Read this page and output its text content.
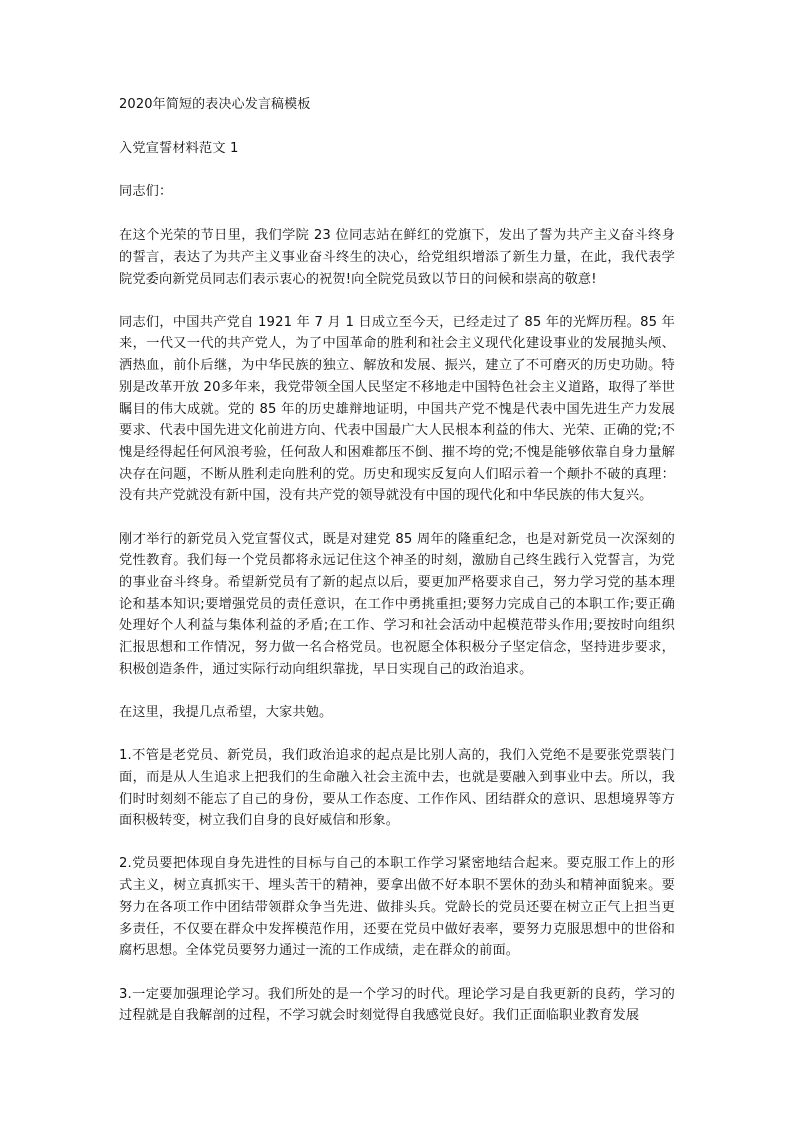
2020年简短的表决心发言稿模板
入党宣誓材料范文 1
同志们：
在这个光荣的节日里，我们学院 23 位同志站在鲜红的党旗下，发出了誓为共产主义奋斗终身的誓言，表达了为共产主义事业奋斗终生的决心，给党组织增添了新生力量，在此，我代表学院党委向新党员同志们表示衷心的祝贺!向全院党员致以节日的问候和崇高的敬意!
同志们，中国共产党自 1921 年 7 月 1 日成立至今天，已经走过了 85 年的光辉历程。85 年来，一代又一代的共产党人，为了中国革命的胜利和社会主义现代化建设事业的发展抛头颅、洒热血，前仆后继，为中华民族的独立、解放和发展、振兴，建立了不可磨灭的历史功勋。特别是改革开放 20多年来，我党带领全国人民坚定不移地走中国特色社会主义道路，取得了举世瞩目的伟大成就。党的 85 年的历史雄辩地证明，中国共产党不愧是代表中国先进生产力发展要求、代表中国先进文化前进方向、代表中国最广大人民根本利益的伟大、光荣、正确的党;不愧是经得起任何风浪考验，任何敌人和困难都压不倒、摧不垮的党;不愧是能够依靠自身力量解决存在问题，不断从胜利走向胜利的党。历史和现实反复向人们昭示着一个颠扑不破的真理：没有共产党就没有新中国，没有共产党的领导就没有中国的现代化和中华民族的伟大复兴。
刚才举行的新党员入党宣誓仪式，既是对建党 85 周年的隆重纪念，也是对新党员一次深刻的党性教育。我们每一个党员都将永远记住这个神圣的时刻，激励自己终生践行入党誓言，为党的事业奋斗终身。希望新党员有了新的起点以后，要更加严格要求自己，努力学习党的基本理论和基本知识;要增强党员的责任意识，在工作中勇挑重担;要努力完成自己的本职工作;要正确处理好个人利益与集体利益的矛盾;在工作、学习和社会活动中起模范带头作用;要按时向组织汇报思想和工作情况，努力做一名合格党员。也祝愿全体积极分子坚定信念，坚持进步要求，积极创造条件，通过实际行动向组织靠拢，早日实现自己的政治追求。
在这里，我提几点希望，大家共勉。
1.不管是老党员、新党员，我们政治追求的起点是比别人高的，我们入党绝不是要张党票装门面，而是从人生追求上把我们的生命融入社会主流中去，也就是要融入到事业中去。所以，我们时时刻刻不能忘了自己的身份，要从工作态度、工作作风、团结群众的意识、思想境界等方面积极转变，树立我们自身的良好威信和形象。
2.党员要把体现自身先进性的目标与自己的本职工作学习紧密地结合起来。要克服工作上的形式主义，树立真抓实干、埋头苦干的精神，要拿出做不好本职不罢休的劲头和精神面貌来。要努力在各项工作中团结带领群众争当先进、做排头兵。党龄长的党员还要在树立正气上担当更多责任，不仅要在群众中发挥模范作用，还要在党员中做好表率，要努力克服思想中的世俗和腐朽思想。全体党员要努力通过一流的工作成绩，走在群众的前面。
3.一定要加强理论学习。我们所处的是一个学习的时代。理论学习是自我更新的良药，学习的过程就是自我解剖的过程，不学习就会时刻觉得自我感觉良好。我们正面临职业教育发展
